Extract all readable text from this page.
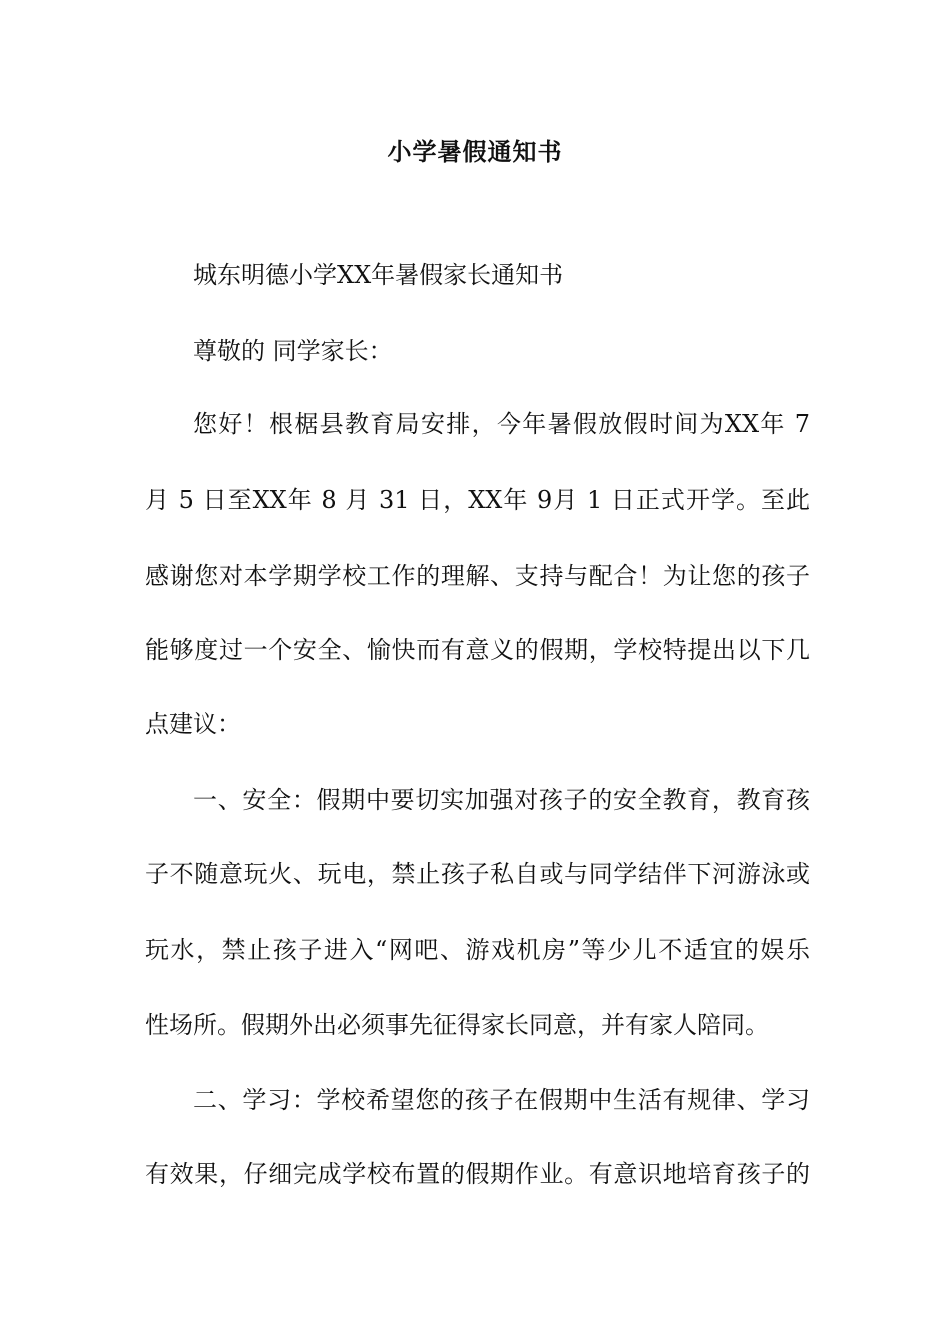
小学暑假通知书

城东明德小学XX年暑假家长通知书

尊敬的 同学家长：

您好！根椐县教育局安排，今年暑假放假时间为XX年 7

月 5 日至XX年 8 月 31 日，XX年 9月 1 日正式开学。至此

感谢您对本学期学校工作的理解、支持与配合！为让您的孩子

能够度过一个安全、愉快而有意义的假期，学校特提出以下几

点建议：

一、安全：假期中要切实加强对孩子的安全教育，教育孩

子不随意玩火、玩电，禁止孩子私自或与同学结伴下河游泳或

玩水，禁止孩子进入“网吧、游戏机房”等少儿不适宜的娱乐

性场所。假期外出必须事先征得家长同意，并有家人陪同。

二、学习：学校希望您的孩子在假期中生活有规律、学习

有效果，仔细完成学校布置的假期作业。有意识地培育孩子的
